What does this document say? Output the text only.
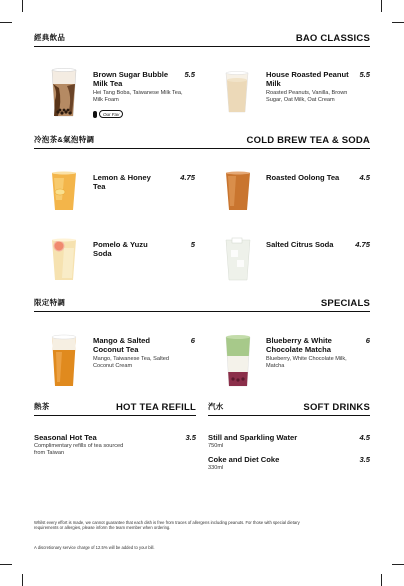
經典飲品	BAO CLASSICS
Brown Sugar Bubble Milk Tea
5.5
Hei Tang Boba, Taiwanese Milk Tea, Milk Foam
Our Fav
House Roasted Peanut Milk
5.5
Roasted Peanuts, Vanilla, Brown Sugar, Oat Milk, Oat Cream
冷泡茶&氣泡特調	COLD BREW TEA & SODA
Lemon & Honey Tea
4.75	Roasted Oolong Tea	4.5
Pomelo & Yuzu Soda
5	Salted Citrus Soda	4.75
限定特調	SPECIALS
Mango & Salted Coconut Tea
6
Mango, Taiwanese Tea, Salted Coconut Cream
Blueberry & White Chocolate Matcha
6
Blueberry, White Chocolate Milk, Matcha
熱茶	HOT TEA REFILL 汽水	SOFT DRINKS
Seasonal Hot Tea	3.5
Complimentary refills of tea sourced from Taiwan
Still and Sparkling Water	4.5
750ml
Coke and Diet Coke	3.5
330ml
Whilst every effort is made, we cannot guarantee that each dish is free from traces of allergens including peanuts. For those with special dietary requirements or allergies, please inform the team member when ordering.
A discretionary service charge of 12.5% will be added to your bill.
